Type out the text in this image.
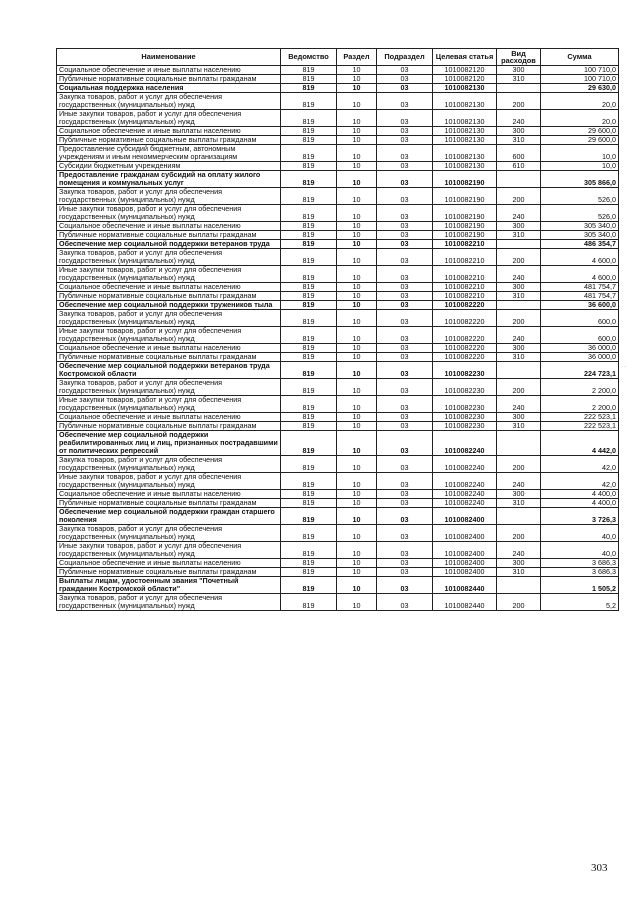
Наименование	Ведомство	Раздел	Подраздел	Целевая статья	Вид расходов	Сумма
Социальное обеспечение и иные выплаты населению	819	10	03	1010082120	300	100 710,0
Публичные нормативные социальные выплаты гражданам	819	10	03	1010082120	310	100 710,0
Социальная поддержка населения	819	10	03	1010082130		29 630,0
Закупка товаров, работ и услуг для обеспечения государственных (муниципальных) нужд	819	10	03	1010082130	200	20,0
Иные закупки товаров, работ и услуг для обеспечения государственных (муниципальных) нужд	819	10	03	1010082130	240	20,0
Социальное обеспечение и иные выплаты населению	819	10	03	1010082130	300	29 600,0
Публичные нормативные социальные выплаты гражданам	819	10	03	1010082130	310	29 600,0
Предоставление субсидий бюджетным, автономным учреждениям и иным некоммерческим организациям	819	10	03	1010082130	600	10,0
Субсидии бюджетным учреждениям	819	10	03	1010082130	610	10,0
Предоставление гражданам субсидий на оплату жилого помещения и коммунальных услуг	819	10	03	1010082190		305 866,0
Закупка товаров, работ и услуг для обеспечения государственных (муниципальных) нужд	819	10	03	1010082190	200	526,0
Иные закупки товаров, работ и услуг для обеспечения государственных (муниципальных) нужд	819	10	03	1010082190	240	526,0
Социальное обеспечение и иные выплаты населению	819	10	03	1010082190	300	305 340,0
Публичные нормативные социальные выплаты гражданам	819	10	03	1010082190	310	305 340,0
Обеспечение мер социальной поддержки ветеранов труда	819	10	03	1010082210		486 354,7
Закупка товаров, работ и услуг для обеспечения государственных (муниципальных) нужд	819	10	03	1010082210	200	4 600,0
Иные закупки товаров, работ и услуг для обеспечения государственных (муниципальных) нужд	819	10	03	1010082210	240	4 600,0
Социальное обеспечение и иные выплаты населению	819	10	03	1010082210	300	481 754,7
Публичные нормативные социальные выплаты гражданам	819	10	03	1010082210	310	481 754,7
Обеспечение мер социальной поддержки тружеников тыла	819	10	03	1010082220		36 600,0
Закупка товаров, работ и услуг для обеспечения государственных (муниципальных) нужд	819	10	03	1010082220	200	600,0
Иные закупки товаров, работ и услуг для обеспечения государственных (муниципальных) нужд	819	10	03	1010082220	240	600,0
Социальное обеспечение и иные выплаты населению	819	10	03	1010082220	300	36 000,0
Публичные нормативные социальные выплаты гражданам	819	10	03	1010082220	310	36 000,0
Обеспечение мер социальной поддержки ветеранов труда Костромской области	819	10	03	1010082230		224 723,1
Закупка товаров, работ и услуг для обеспечения государственных (муниципальных) нужд	819	10	03	1010082230	200	2 200,0
Иные закупки товаров, работ и услуг для обеспечения государственных (муниципальных) нужд	819	10	03	1010082230	240	2 200,0
Социальное обеспечение и иные выплаты населению	819	10	03	1010082230	300	222 523,1
Публичные нормативные социальные выплаты гражданам	819	10	03	1010082230	310	222 523,1
Обеспечение мер социальной поддержки реабилитированных лиц и лиц, признанных пострадавшими от политических репрессий	819	10	03	1010082240		4 442,0
Закупка товаров, работ и услуг для обеспечения государственных (муниципальных) нужд	819	10	03	1010082240	200	42,0
Иные закупки товаров, работ и услуг для обеспечения государственных (муниципальных) нужд	819	10	03	1010082240	240	42,0
Социальное обеспечение и иные выплаты населению	819	10	03	1010082240	300	4 400,0
Публичные нормативные социальные выплаты гражданам	819	10	03	1010082240	310	4 400,0
Обеспечение мер социальной поддержки граждан старшего поколения	819	10	03	1010082400		3 726,3
Закупка товаров, работ и услуг для обеспечения государственных (муниципальных) нужд	819	10	03	1010082400	200	40,0
Иные закупки товаров, работ и услуг для обеспечения государственных (муниципальных) нужд	819	10	03	1010082400	240	40,0
Социальное обеспечение и иные выплаты населению	819	10	03	1010082400	300	3 686,3
Публичные нормативные социальные выплаты гражданам	819	10	03	1010082400	310	3 686,3
Выплаты лицам, удостоенным звания "Почетный гражданин Костромской области"	819	10	03	1010082440		1 505,2
Закупка товаров, работ и услуг для обеспечения государственных (муниципальных) нужд	819	10	03	1010082440	200	5,2
303
·
